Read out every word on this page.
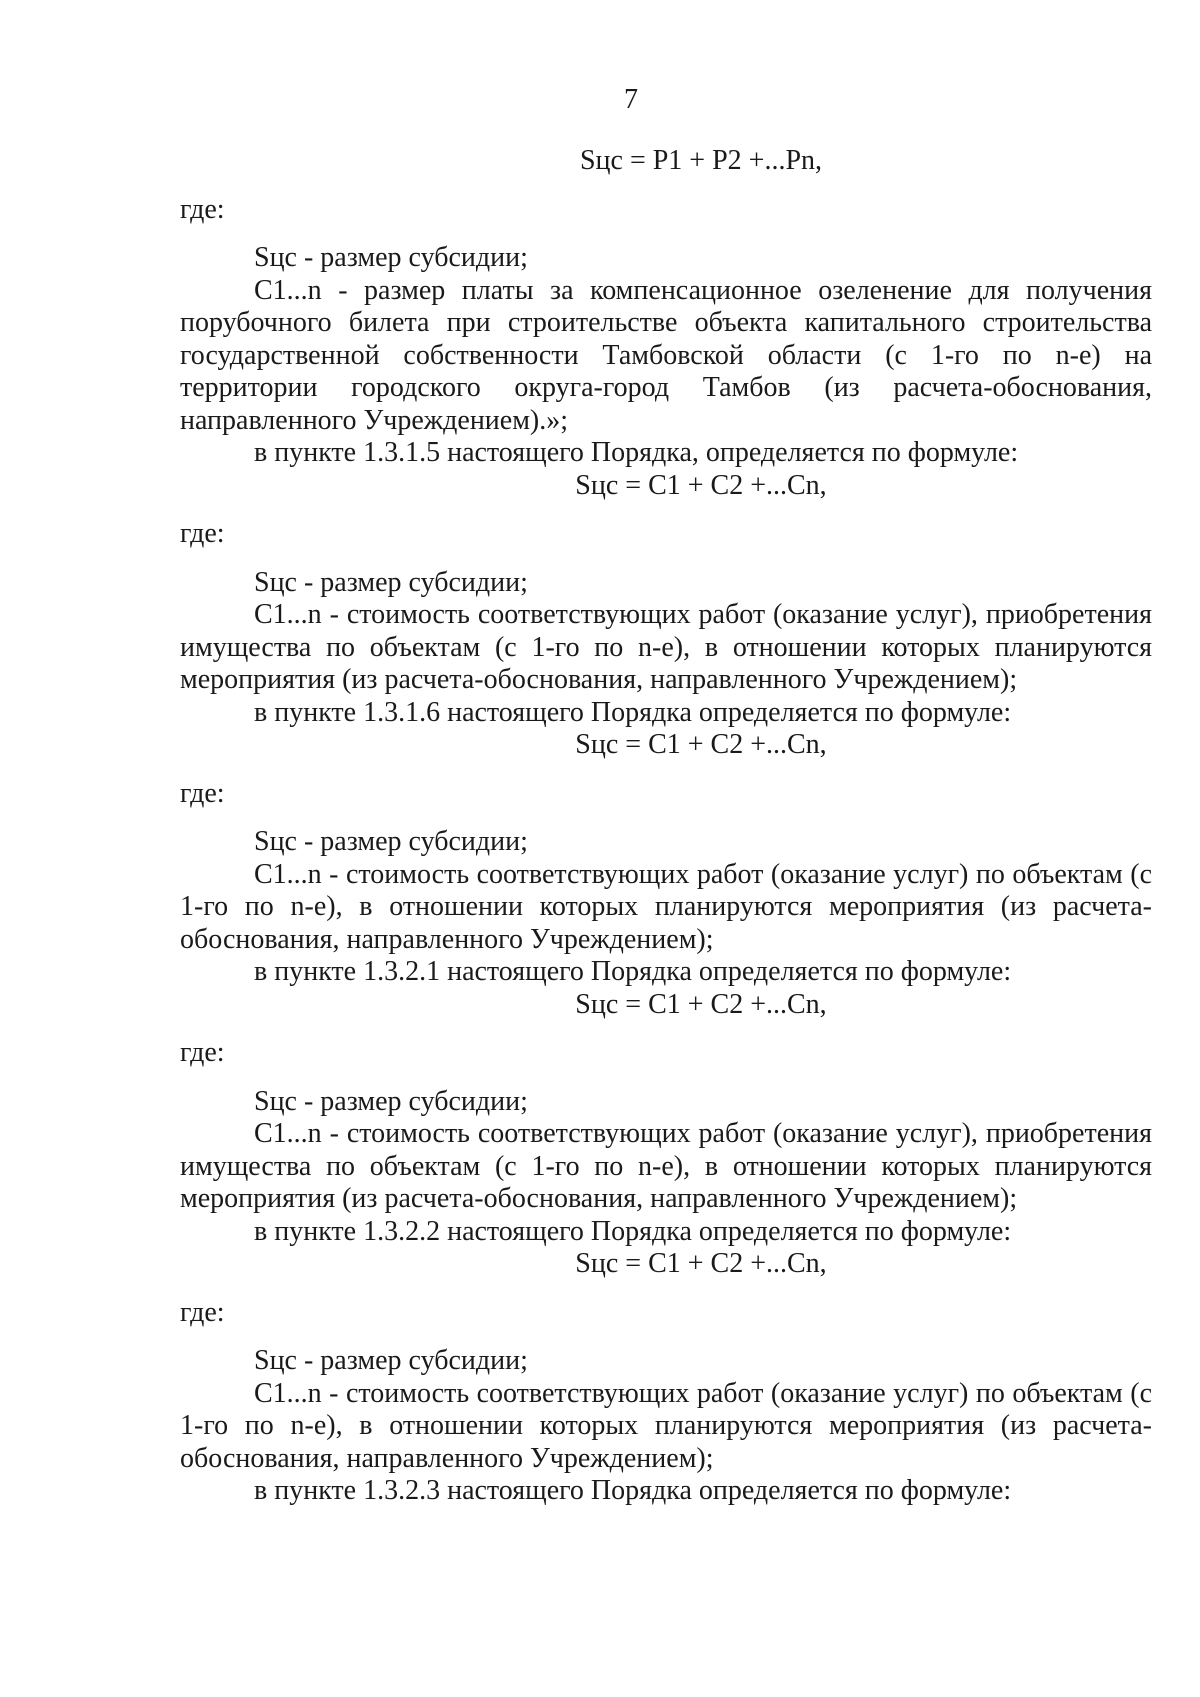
7
Sцс = P1 + P2 +...Pn,
где:

Sцс - размер субсидии;

С1...n - размер платы за компенсационное озеленение для получения порубочного билета при строительстве объекта капитального строительства государственной собственности Тамбовской области (с 1-го по n-е) на территории городского округа-город Тамбов (из расчета-обоснования, направленного Учреждением).»;

в пункте 1.3.1.5 настоящего Порядка, определяется по формуле:

Sцс = С1 + С2 +...Сn,
где:

Sцс - размер субсидии;

С1...n - стоимость соответствующих работ (оказание услуг), приобретения имущества по объектам (с 1-го по n-е), в отношении которых планируются мероприятия (из расчета-обоснования, направленного Учреждением);

в пункте 1.3.1.6 настоящего Порядка определяется по формуле:

Sцс = С1 + С2 +...Сn,
где:

Sцс - размер субсидии;

С1...n - стоимость соответствующих работ (оказание услуг) по объектам (с 1-го по n-е), в отношении которых планируются мероприятия (из расчета-обоснования, направленного Учреждением);

в пункте 1.3.2.1 настоящего Порядка определяется по формуле:

Sцс = С1 + С2 +...Сn,
где:

Sцс - размер субсидии;

С1...n - стоимость соответствующих работ (оказание услуг), приобретения имущества по объектам (с 1-го по n-е), в отношении которых планируются мероприятия (из расчета-обоснования, направленного Учреждением);

в пункте 1.3.2.2 настоящего Порядка определяется по формуле:

Sцс = С1 + С2 +...Сn,
где:

Sцс - размер субсидии;

С1...n - стоимость соответствующих работ (оказание услуг) по объектам (с 1-го по n-е), в отношении которых планируются мероприятия (из расчета-обоснования, направленного Учреждением);

в пункте 1.3.2.3 настоящего Порядка определяется по формуле:
